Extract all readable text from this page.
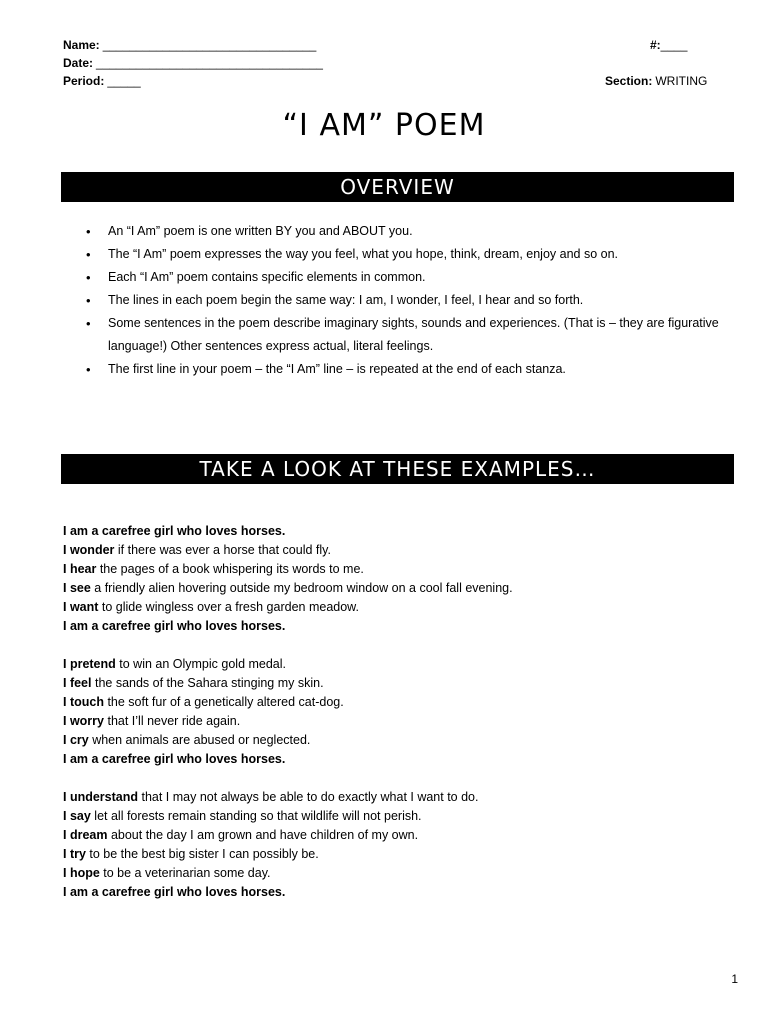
Name: ________________________________
Date: __________________________________
Period: _____
#:____
Section: WRITING
“I AM” POEM
OVERVIEW
• An “I Am” poem is one written BY you and ABOUT you.
• The “I Am” poem expresses the way you feel, what you hope, think, dream, enjoy and so on.
• Each “I Am” poem contains specific elements in common.
• The lines in each poem begin the same way: I am, I wonder, I feel, I hear and so forth.
• Some sentences in the poem describe imaginary sights, sounds and experiences. (That is – they are figurative language!) Other sentences express actual, literal feelings.
• The first line in your poem – the “I Am” line – is repeated at the end of each stanza.
TAKE A LOOK AT THESE EXAMPLES…
I am a carefree girl who loves horses.
I wonder if there was ever a horse that could fly.
I hear the pages of a book whispering its words to me.
I see a friendly alien hovering outside my bedroom window on a cool fall evening.
I want to glide wingless over a fresh garden meadow.
I am a carefree girl who loves horses.
I pretend to win an Olympic gold medal.
I feel the sands of the Sahara stinging my skin.
I touch the soft fur of a genetically altered cat-dog.
I worry that I’ll never ride again.
I cry when animals are abused or neglected.
I am a carefree girl who loves horses.
I understand that I may not always be able to do exactly what I want to do.
I say let all forests remain standing so that wildlife will not perish.
I dream about the day I am grown and have children of my own.
I try to be the best big sister I can possibly be.
I hope to be a veterinarian some day.
I am a carefree girl who loves horses.
1
